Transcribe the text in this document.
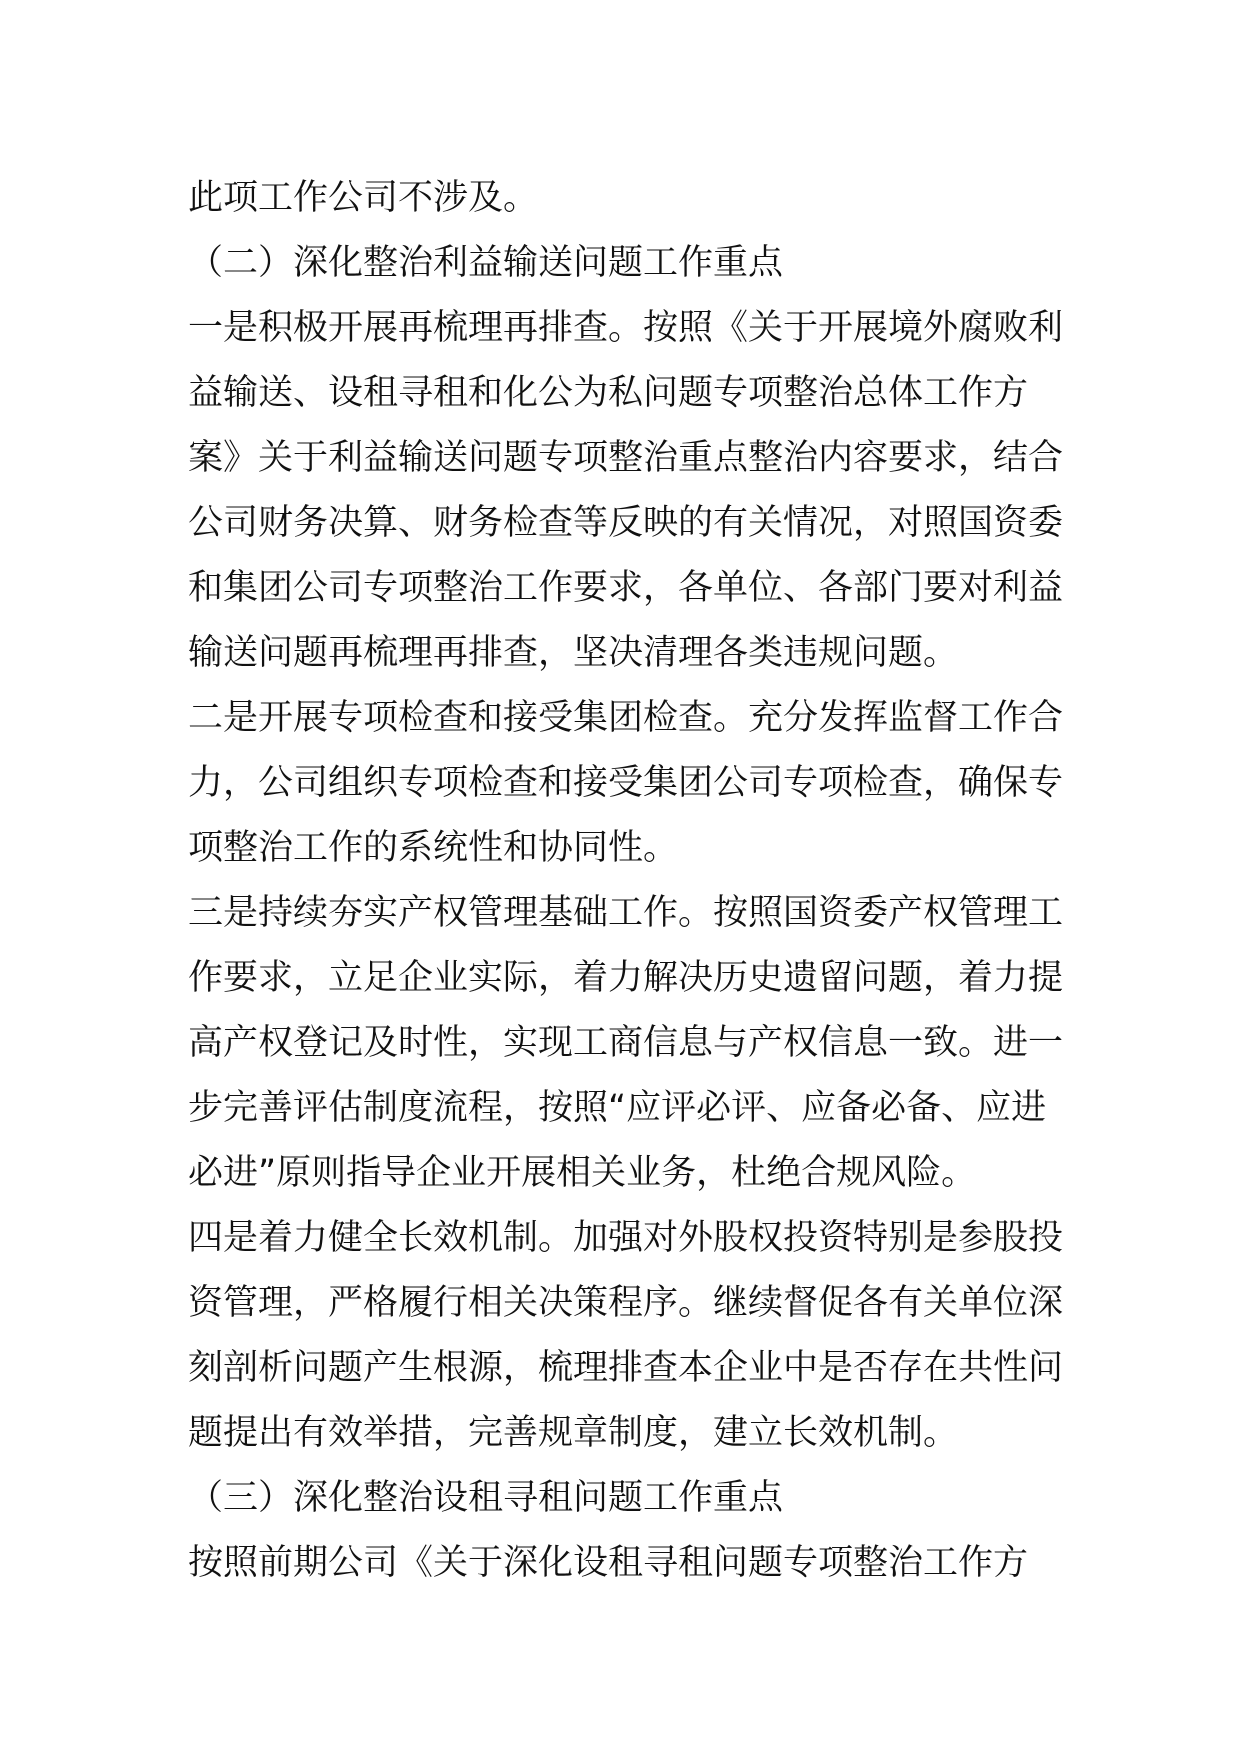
此项工作公司不涉及。
（二）深化整治利益输送问题工作重点
一是积极开展再梳理再排查。按照《关于开展境外腐败利
益输送、设租寻租和化公为私问题专项整治总体工作方
案》关于利益输送问题专项整治重点整治内容要求，结合
公司财务决算、财务检查等反映的有关情况，对照国资委
和集团公司专项整治工作要求，各单位、各部门要对利益
输送问题再梳理再排查，坚决清理各类违规问题。
二是开展专项检查和接受集团检查。充分发挥监督工作合
力，公司组织专项检查和接受集团公司专项检查，确保专
项整治工作的系统性和协同性。
三是持续夯实产权管理基础工作。按照国资委产权管理工
作要求，立足企业实际，着力解决历史遗留问题，着力提
高产权登记及时性，实现工商信息与产权信息一致。进一
步完善评估制度流程，按照“应评必评、应备必备、应进
必进”原则指导企业开展相关业务，杜绝合规风险。
四是着力健全长效机制。加强对外股权投资特别是参股投
资管理，严格履行相关决策程序。继续督促各有关单位深
刻剖析问题产生根源，梳理排查本企业中是否存在共性问
题提出有效举措，完善规章制度，建立长效机制。
（三）深化整治设租寻租问题工作重点
按照前期公司《关于深化设租寻租问题专项整治工作方
